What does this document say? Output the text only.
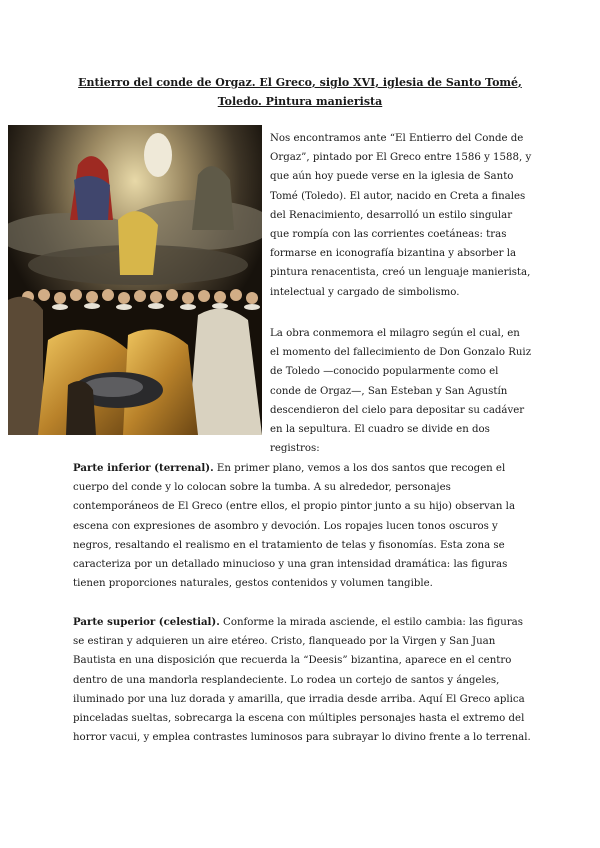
Entierro del conde de Orgaz. El Greco, siglo XVI, iglesia de Santo Tomé, Toledo. Pintura manierista

Nos encontramos ante “El Entierro del Conde de Orgaz”, pintado por El Greco entre 1586 y 1588, y que aún hoy puede verse en la iglesia de Santo Tomé (Toledo). El autor, nacido en Creta a finales del Renacimiento, desarrolló un estilo singular que rompía con las corrientes coetáneas: tras formarse en iconografía bizantina y absorber la pintura renacentista, creó un lenguaje manierista, intelectual y cargado de simbolismo.

La obra conmemora el milagro según el cual, en el momento del fallecimiento de Don Gonzalo Ruiz de Toledo —conocido popularmente como el conde de Orgaz—, San Esteban y San Agustín descendieron del cielo para depositar su cadáver en la sepultura. El cuadro se divide en dos registros:

Parte inferior (terrenal). En primer plano, vemos a los dos santos que recogen el cuerpo del conde y lo colocan sobre la tumba. A su alrededor, personajes contemporáneos de El Greco (entre ellos, el propio pintor junto a su hijo) observan la escena con expresiones de asombro y devoción. Los ropajes lucen tonos oscuros y negros, resaltando el realismo en el tratamiento de telas y fisonomías. Esta zona se caracteriza por un detallado minucioso y una gran intensidad dramática: las figuras tienen proporciones naturales, gestos contenidos y volumen tangible.

Parte superior (celestial). Conforme la mirada asciende, el estilo cambia: las figuras se estiran y adquieren un aire etéreo. Cristo, flanqueado por la Virgen y San Juan Bautista en una disposición que recuerda la “Deesis” bizantina, aparece en el centro dentro de una mandorla resplandeciente. Lo rodea un cortejo de santos y ángeles, iluminado por una luz dorada y amarilla, que irradia desde arriba. Aquí El Greco aplica pinceladas sueltas, sobrecarga la escena con múltiples personajes hasta el extremo del horror vacui, y emplea contrastes luminosos para subrayar lo divino frente a lo terrenal.
